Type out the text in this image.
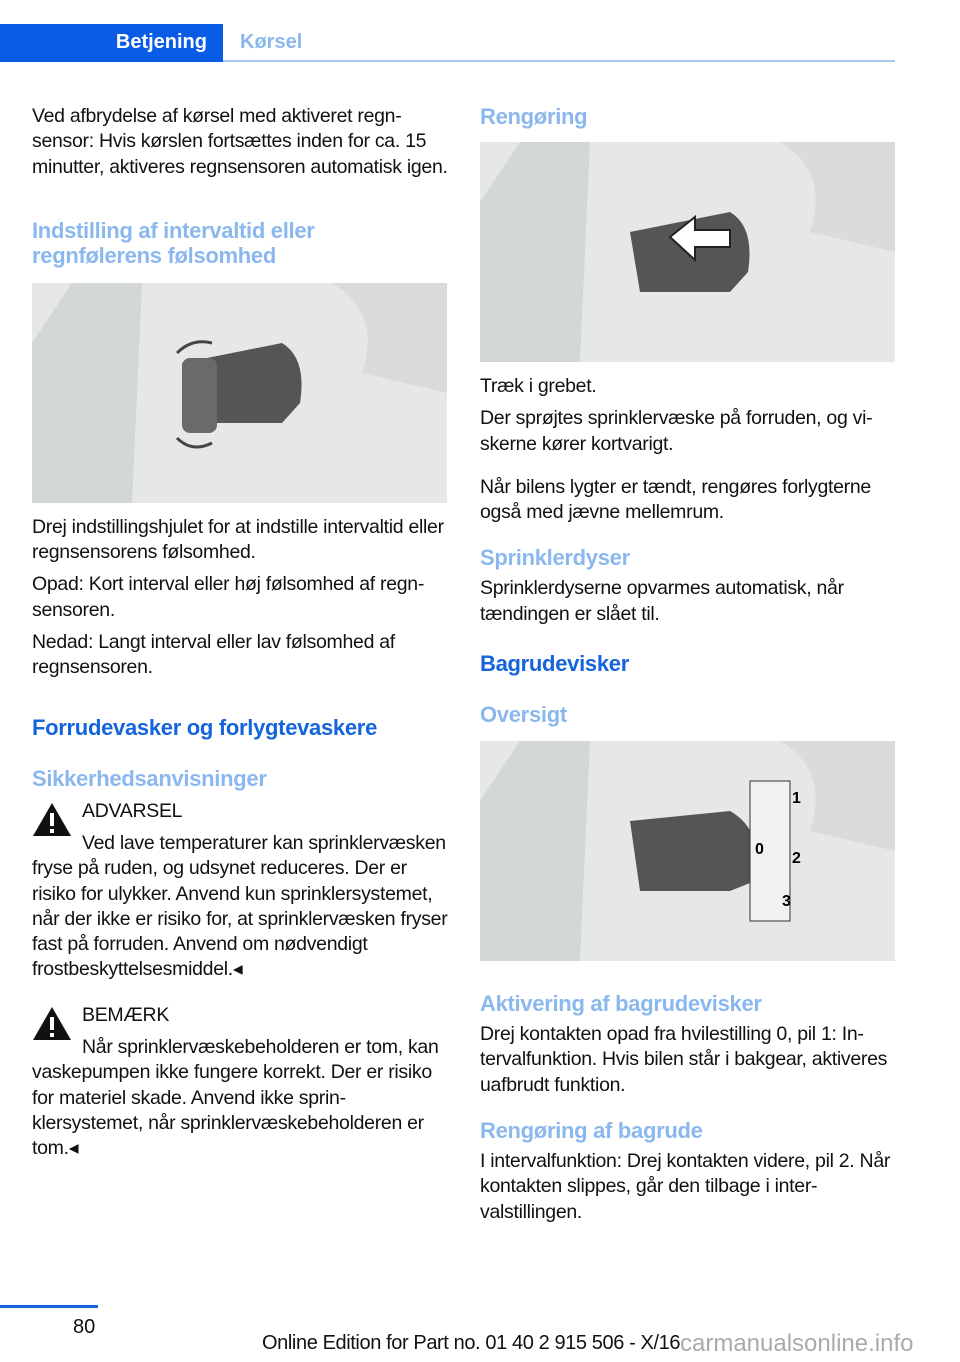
Betjening	Kørsel

Ved afbrydelse af kørsel med aktiveret regnsensor: Hvis kørslen fortsættes inden for ca. 15 minutter, aktiveres regnsensoren automatisk igen.

Indstilling af intervaltid eller regnfølerens følsomhed

Drej indstillingshjulet for at indstille intervaltid eller regnsensorens følsomhed.

Opad: Kort interval eller høj følsomhed af regnsensoren.

Nedad: Langt interval eller lav følsomhed af regnsensoren.

Forrudevasker og forlygtevaskere
Sikkerhedsanvisninger
ADVARSEL

Ved lave temperaturer kan sprinklervæsken fryse på ruden, og udsynet reduceres. Der er risiko for ulykker. Anvend kun sprinklersystemet, når der ikke er risiko for, at sprinklervæsken fryser fast på forruden. Anvend om nødvendigt frostbeskyttelsesmiddel.◂

BEMÆRK

Når sprinklervæskebeholderen er tom, kan vaskepumpen ikke fungere korrekt. Der er risiko for materiel skade. Anvend ikke sprinklersystemet, når sprinklervæskebeholderen er tom.◂

Rengøring

Træk i grebet.

Der sprøjtes sprinklervæske på forruden, og viskerne kører kortvarigt.

Når bilens lygter er tændt, rengøres forlygterne også med jævne mellemrum.

Sprinklerdyser

Sprinklerdyserne opvarmes automatisk, når tændingen er slået til.

Bagrudevisker
Oversigt
1
0
2
3
Aktivering af bagrudevisker

Drej kontakten opad fra hvilestilling 0, pil 1: Intervalfunktion. Hvis bilen står i bakgear, aktiveres uafbrudt funktion.

Rengøring af bagrude

I intervalfunktion: Drej kontakten videre, pil 2. Når kontakten slippes, går den tilbage i intervalstillingen.

80
Online Edition for Part no. 01 40 2 915 506 - X/16 carmanualsonline.info
